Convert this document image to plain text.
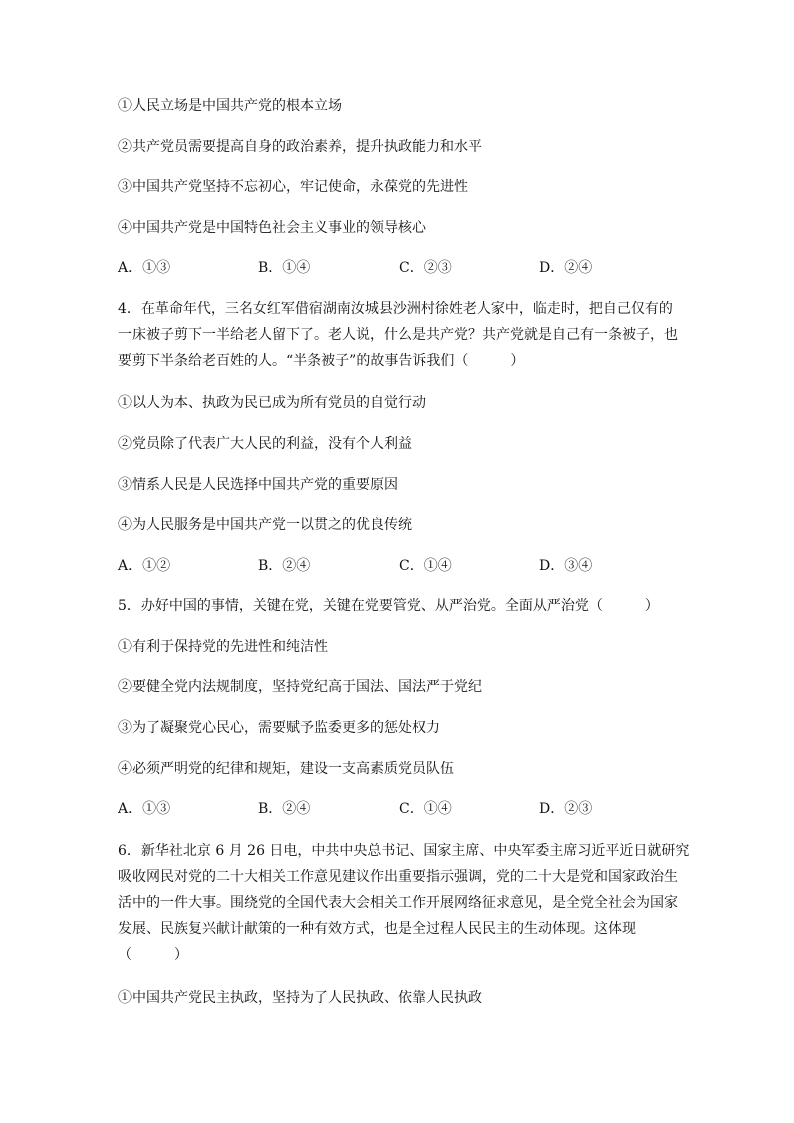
①人民立场是中国共产党的根本立场
②共产党员需要提高自身的政治素养，提升执政能力和水平
③中国共产党坚持不忘初心，牢记使命，永葆党的先进性
④中国共产党是中国特色社会主义事业的领导核心
A．①③	B．①④	C．②③	D．②④
4．在革命年代，三名女红军借宿湖南汝城县沙洲村徐姓老人家中，临走时，把自己仅有的
一床被子剪下一半给老人留下了。老人说，什么是共产党？共产党就是自己有一条被子，也
要剪下半条给老百姓的人。“半条被子”的故事告诉我们（　　　）
①以人为本、执政为民已成为所有党员的自觉行动
②党员除了代表广大人民的利益，没有个人利益
③情系人民是人民选择中国共产党的重要原因
④为人民服务是中国共产党一以贯之的优良传统
A．①②	B．②④	C．①④	D．③④
5．办好中国的事情，关键在党，关键在党要管党、从严治党。全面从严治党（　　　）
①有利于保持党的先进性和纯洁性
②要健全党内法规制度，坚持党纪高于国法、国法严于党纪
③为了凝聚党心民心，需要赋予监委更多的惩处权力
④必须严明党的纪律和规矩，建设一支高素质党员队伍
A．①③	B．②④	C．①④	D．②③
6．新华社北京 6 月 26 日电，中共中央总书记、国家主席、中央军委主席习近平近日就研究
吸收网民对党的二十大相关工作意见建议作出重要指示强调，党的二十大是党和国家政治生
活中的一件大事。围绕党的全国代表大会相关工作开展网络征求意见，是全党全社会为国家
发展、民族复兴献计献策的一种有效方式，也是全过程人民民主的生动体现。这体现
（　　　）
①中国共产党民主执政，坚持为了人民执政、依靠人民执政
